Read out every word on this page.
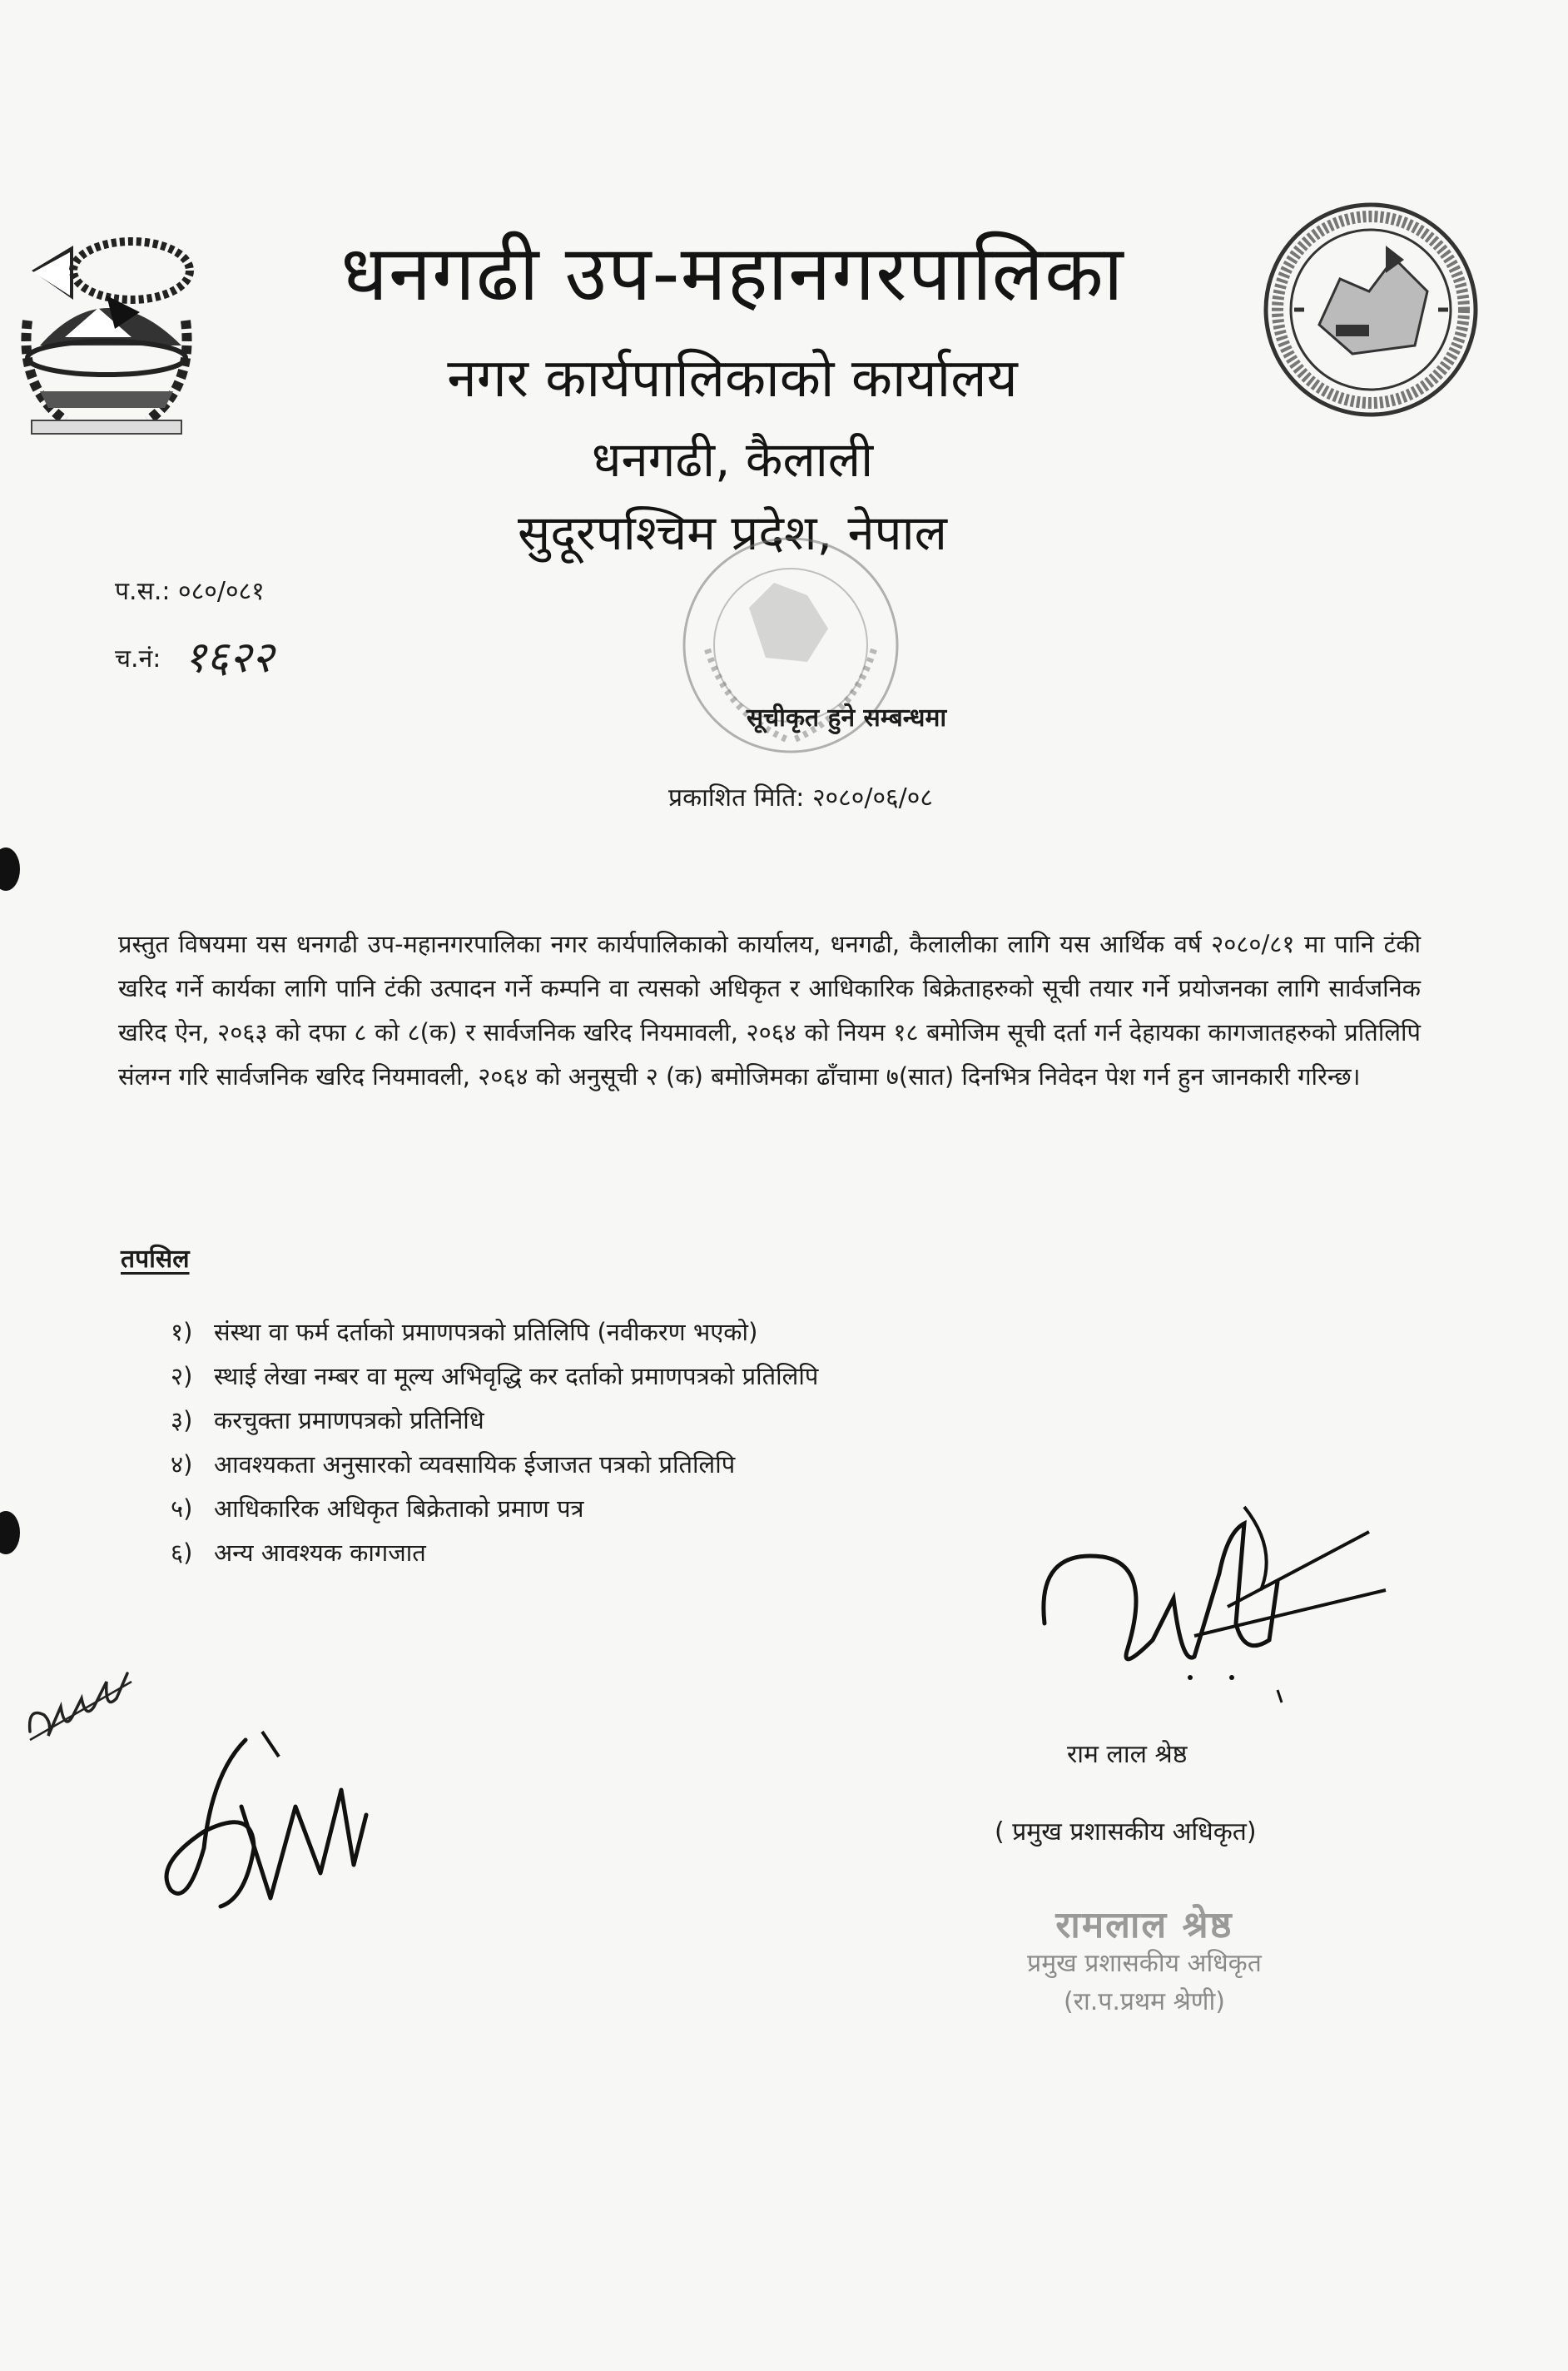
धनगढी उप-महानगरपालिका
नगर कार्यपालिकाको कार्यालय
धनगढी, कैलाली
सुदूरपश्चिम प्रदेश, नेपाल
प.स.: ०८०/०८१
च.नं: १६२२
सूचीकृत हुने सम्बन्धमा
प्रकाशित मिति: २०८०/०६/०८
प्रस्तुत विषयमा यस धनगढी उप-महानगरपालिका नगर कार्यपालिकाको कार्यालय, धनगढी, कैलालीका लागि यस आर्थिक वर्ष २०८०/८१ मा पानि टंकी खरिद गर्ने कार्यका लागि पानि टंकी उत्पादन गर्ने कम्पनि वा त्यसको अधिकृत र आधिकारिक बिक्रेताहरुको सूची तयार गर्ने प्रयोजनका लागि सार्वजनिक खरिद ऐन, २०६३ को दफा ८ को ८(क) र सार्वजनिक खरिद नियमावली, २०६४ को नियम १८ बमोजिम सूची दर्ता गर्न देहायका कागजातहरुको प्रतिलिपि संलग्न गरि सार्वजनिक खरिद नियमावली, २०६४ को अनुसूची २ (क) बमोजिमका ढाँचामा ७(सात) दिनभित्र निवेदन पेश गर्न हुन जानकारी गरिन्छ।
तपसिल
१) संस्था वा फर्म दर्ताको प्रमाणपत्रको प्रतिलिपि (नवीकरण भएको)
२) स्थाई लेखा नम्बर वा मूल्य अभिवृद्धि कर दर्ताको प्रमाणपत्रको प्रतिलिपि
३) करचुक्ता प्रमाणपत्रको प्रतिनिधि
४) आवश्यकता अनुसारको व्यवसायिक ईजाजत पत्रको प्रतिलिपि
५) आधिकारिक अधिकृत बिक्रेताको प्रमाण पत्र
६) अन्य आवश्यक कागजात
राम लाल श्रेष्ठ
( प्रमुख प्रशासकीय अधिकृत)
रामलाल श्रेष्ठ
प्रमुख प्रशासकीय अधिकृत
(रा.प.प्रथम श्रेणी)
